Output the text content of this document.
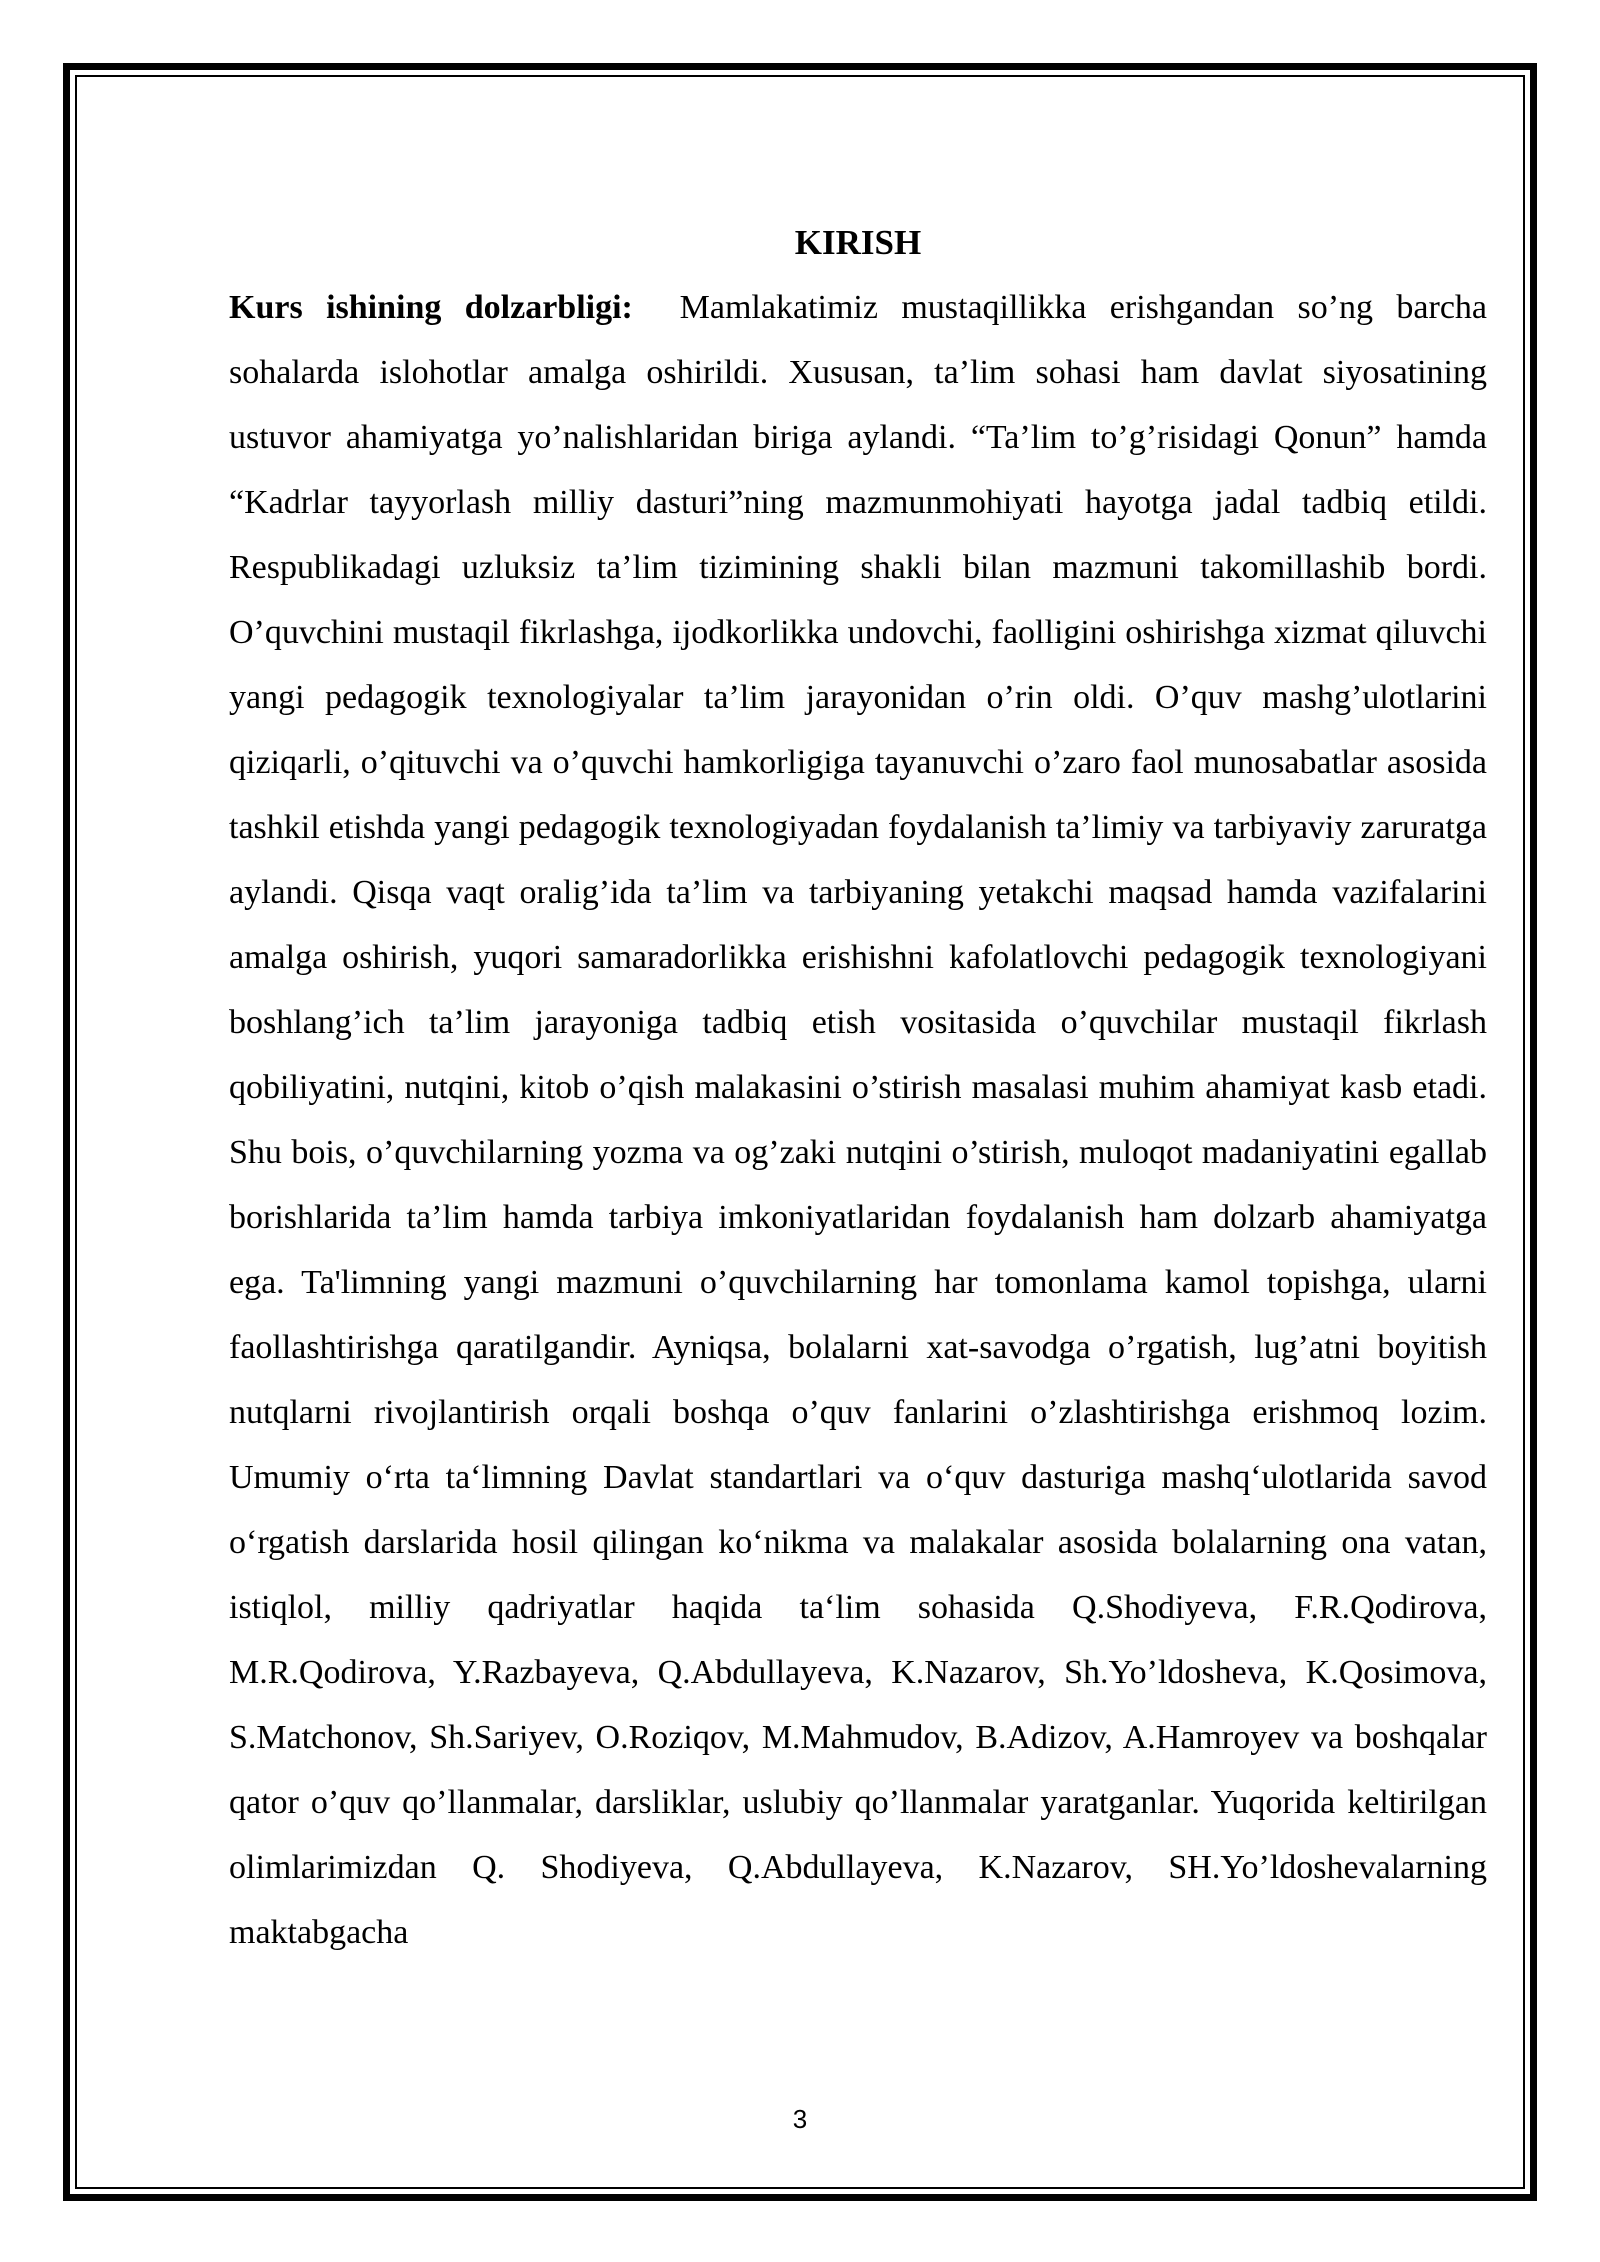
KIRISH

Kurs ishining dolzarbligi: Mamlakatimiz mustaqillikka erishgandan so’ng barcha sohalarda islohotlar amalga oshirildi. Xususan, ta’lim sohasi ham davlat siyosatining ustuvor ahamiyatga yo’nalishlaridan biriga aylandi. “Ta’lim to’g’risidagi Qonun” hamda “Kadrlar tayyorlash milliy dasturi”ning mazmunmohiyati hayotga jadal tadbiq etildi. Respublikadagi uzluksiz ta’lim tizimining shakli bilan mazmuni takomillashib bordi. O’quvchini mustaqil fikrlashga, ijodkorlikka undovchi, faolligini oshirishga xizmat qiluvchi yangi pedagogik texnologiyalar ta’lim jarayonidan o’rin oldi. O’quv mashg’ulotlarini qiziqarli, o’qituvchi va o’quvchi hamkorligiga tayanuvchi o’zaro faol munosabatlar asosida tashkil etishda yangi pedagogik texnologiyadan foydalanish ta’limiy va tarbiyaviy zaruratga aylandi. Qisqa vaqt oralig’ida ta’lim va tarbiyaning yetakchi maqsad hamda vazifalarini amalga oshirish, yuqori samaradorlikka erishishni kafolatlovchi pedagogik texnologiyani boshlang’ich ta’lim jarayoniga tadbiq etish vositasida o’quvchilar mustaqil fikrlash qobiliyatini, nutqini, kitob o’qish malakasini o’stirish masalasi muhim ahamiyat kasb etadi. Shu bois, o’quvchilarning yozma va og’zaki nutqini o’stirish, muloqot madaniyatini egallab borishlarida ta’lim hamda tarbiya imkoniyatlaridan foydalanish ham dolzarb ahamiyatga ega. Ta'limning yangi mazmuni o’quvchilarning har tomonlama kamol topishga, ularni faollashtirishga qaratilgandir. Ayniqsa, bolalarni xat-savodga o’rgatish, lug’atni boyitish nutqlarni rivojlantirish orqali boshqa o’quv fanlarini o’zlashtirishga erishmoq lozim. Umumiy o‘rta ta‘limning Davlat standartlari va o‘quv dasturiga mashq‘ulotlarida savod o‘rgatish darslarida hosil qilingan ko‘nikma va malakalar asosida bolalarning ona vatan, istiqlol, milliy qadriyatlar haqida ta‘lim sohasida Q.Shodiyeva, F.R.Qodirova, M.R.Qodirova, Y.Razbayeva, Q.Abdullayeva, K.Nazarov, Sh.Yo’ldosheva, K.Qosimova, S.Matchonov, Sh.Sariyev, O.Roziqov, M.Mahmudov, B.Adizov, A.Hamroyev va boshqalar qator o’quv qo’llanmalar, darsliklar, uslubiy qo’llanmalar yaratganlar. Yuqorida keltirilgan olimlarimizdan Q. Shodiyeva, Q.Abdullayeva, K.Nazarov, SH.Yo’ldoshevalarning maktabgacha

3
